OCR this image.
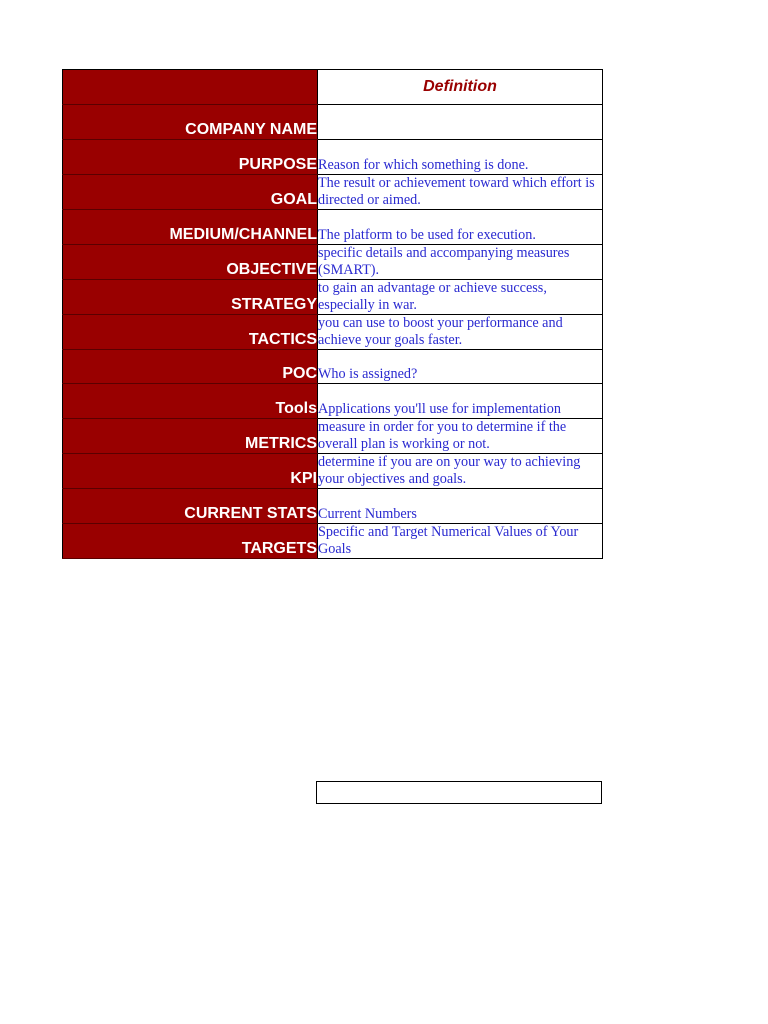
	Definition
COMPANY NAME	
PURPOSE	Reason for which something is done.
GOAL	The result or achievement toward which effort is directed or aimed.
MEDIUM/CHANNEL	The platform to be used for execution.
OBJECTIVE	specific details and accompanying measures (SMART).
STRATEGY	to gain an advantage or achieve success, especially in war.
TACTICS	you can use to boost your performance and achieve your goals faster.
POC	Who is assigned?
Tools	Applications you'll use for implementation
METRICS	measure in order for you to determine if the overall plan is working or not.
KPI	determine if you are on your way to achieving your objectives and goals.
CURRENT STATS	Current Numbers
TARGETS	Specific and Target Numerical Values of Your Goals
